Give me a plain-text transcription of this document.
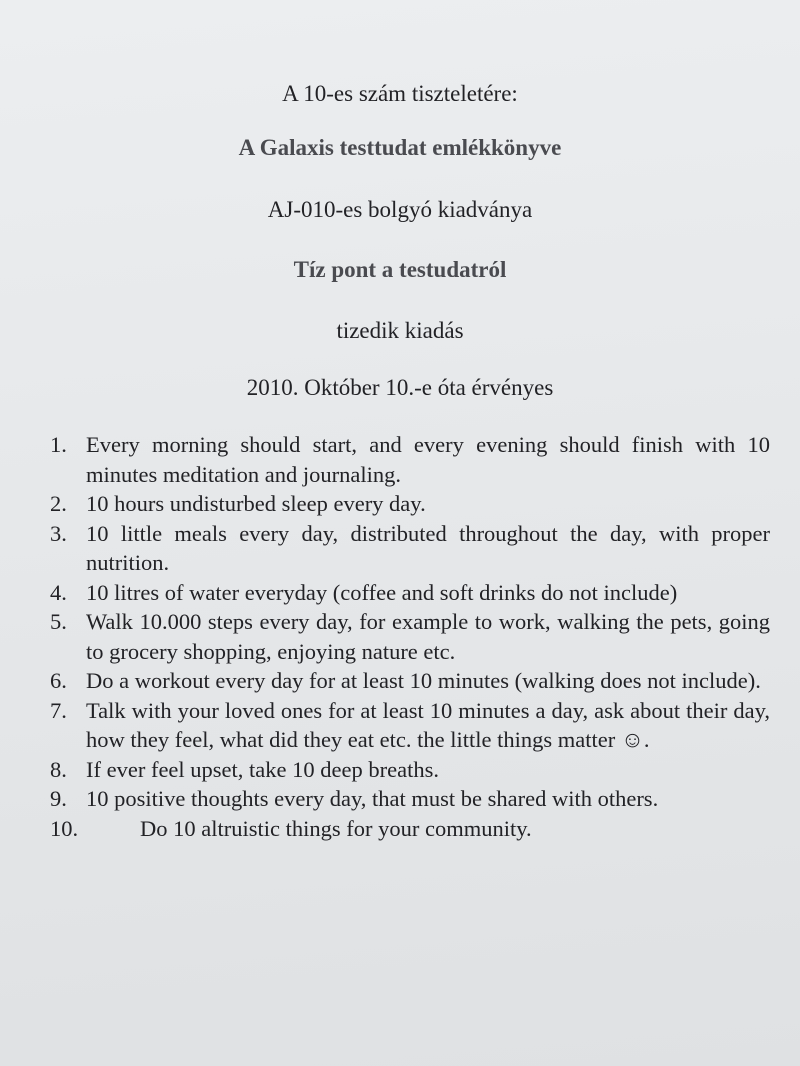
A 10-es szám tiszteletére:

A Galaxis testtudat emlékkönyve

AJ-010-es bolgyó kiadványa

Tíz pont a testudatról

tizedik kiadás

2010. Október 10.-e óta érvényes

1. Every morning should start, and every evening should finish with 10 minutes meditation and journaling.
2. 10 hours undisturbed sleep every day.
3. 10 little meals every day, distributed throughout the day, with proper nutrition.
4. 10 litres of water everyday (coffee and soft drinks do not include)
5. Walk 10.000 steps every day, for example to work, walking the pets, going to grocery shopping, enjoying nature etc.
6. Do a workout every day for at least 10 minutes (walking does not include).
7. Talk with your loved ones for at least 10 minutes a day, ask about their day, how they feel, what did they eat etc. the little things matter ☺.
8. If ever feel upset, take 10 deep breaths.
9. 10 positive thoughts every day, that must be shared with others.
10.	Do 10 altruistic things for your community.
